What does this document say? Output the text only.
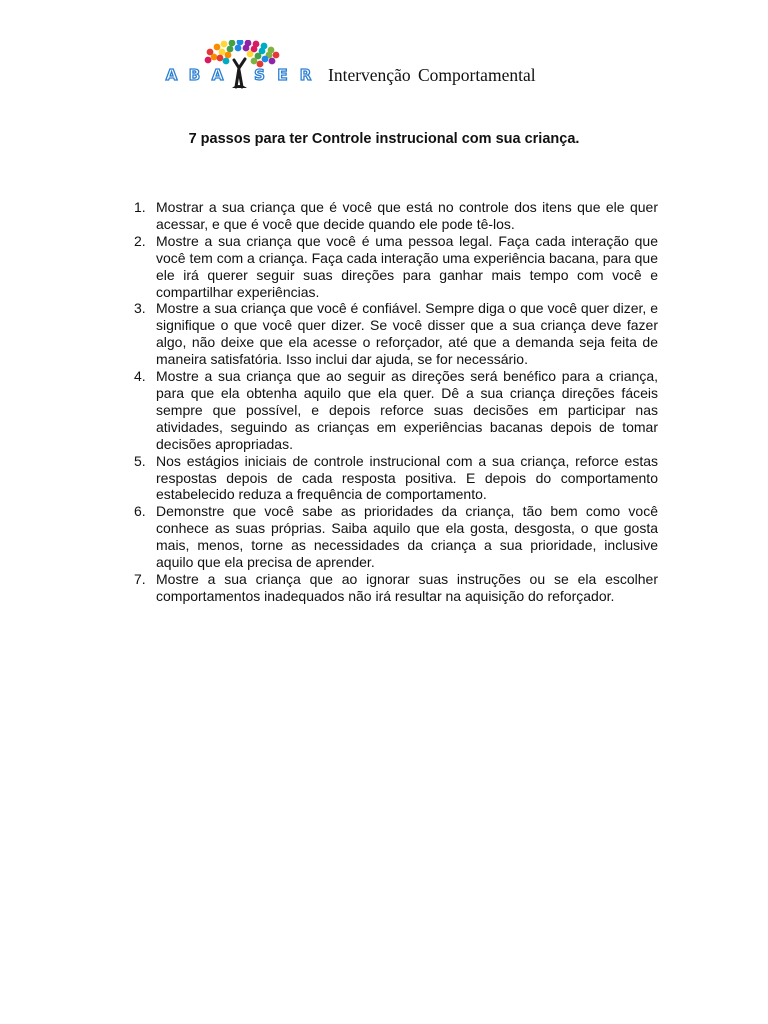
A B A S E R Intervenção Comportamental
7 passos para ter Controle instrucional com sua criança.
1. Mostrar a sua criança que é você que está no controle dos itens que ele quer acessar, e que é você que decide quando ele pode tê-los.
2. Mostre a sua criança que você é uma pessoa legal. Faça cada interação que você tem com a criança. Faça cada interação uma experiência bacana, para que ele irá querer seguir suas direções para ganhar mais tempo com você e compartilhar experiências.
3. Mostre a sua criança que você é confiável. Sempre diga o que você quer dizer, e signifique o que você quer dizer. Se você disser que a sua criança deve fazer algo, não deixe que ela acesse o reforçador, até que a demanda seja feita de maneira satisfatória. Isso inclui dar ajuda, se for necessário.
4. Mostre a sua criança que ao seguir as direções será benéfico para a criança, para que ela obtenha aquilo que ela quer. Dê a sua criança direções fáceis sempre que possível, e depois reforce suas decisões em participar nas atividades, seguindo as crianças em experiências bacanas depois de tomar decisões apropriadas.
5. Nos estágios iniciais de controle instrucional com a sua criança, reforce estas respostas depois de cada resposta positiva. E depois do comportamento estabelecido reduza a frequência de comportamento.
6. Demonstre que você sabe as prioridades da criança, tão bem como você conhece as suas próprias. Saiba aquilo que ela gosta, desgosta, o que gosta mais, menos, torne as necessidades da criança a sua prioridade, inclusive aquilo que ela precisa de aprender.
7. Mostre a sua criança que ao ignorar suas instruções ou se ela escolher comportamentos inadequados não irá resultar na aquisição do reforçador.
